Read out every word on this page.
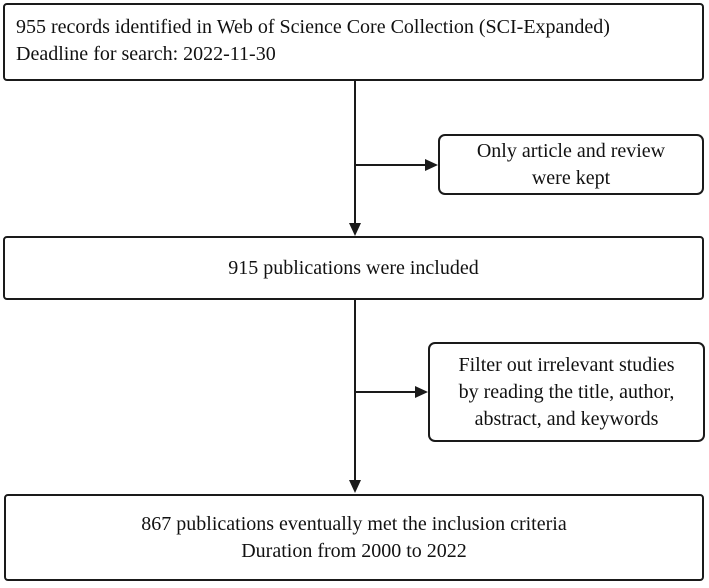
955 records identified in Web of Science Core Collection (SCI-Expanded)
Deadline for search: 2022-11-30
Only article and review
were kept
915 publications were included
Filter out irrelevant studies
by reading the title, author,
abstract, and keywords
867 publications eventually met the inclusion criteria
Duration from 2000 to 2022
